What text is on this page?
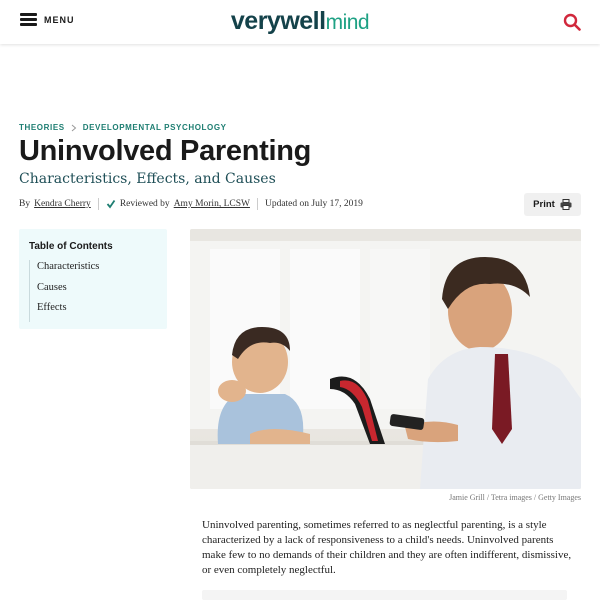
MENU	verywellmind
THEORIES DEVELOPMENTAL PSYCHOLOGY
Uninvolved Parenting
Characteristics, Effects, and Causes
By Kendra Cherry	Reviewed by Amy Morin, LCSW Updated on July 17, 2019	Print
Table of Contents
Characteristics
Causes
Effects
Jamie Grill / Tetra images / Getty Images

Uninvolved parenting, sometimes referred to as neglectful parenting, is a style characterized by a lack of responsiveness to a child's needs. Uninvolved parents make few to no demands of their children and they are often indifferent, dismissive, or even completely neglectful.
